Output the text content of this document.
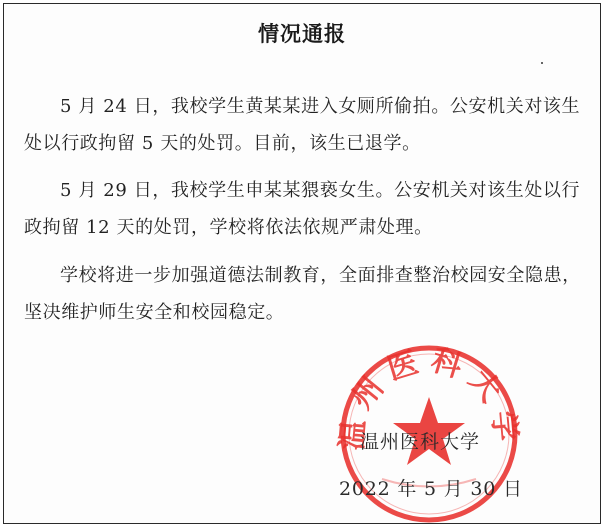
情况通报

5 月 24 日，我校学生黄某某进入女厕所偷拍。公安机关对该生处以行政拘留 5 天的处罚。目前，该生已退学。

5 月 29 日，我校学生申某某猥亵女生。公安机关对该生处以行政拘留 12 天的处罚，学校将依法依规严肃处理。

学校将进一步加强道德法制教育，全面排查整治校园安全隐患，坚决维护师生安全和校园稳定。

温州医科大学
温州医科大学
2022 年 5 月 30 日
